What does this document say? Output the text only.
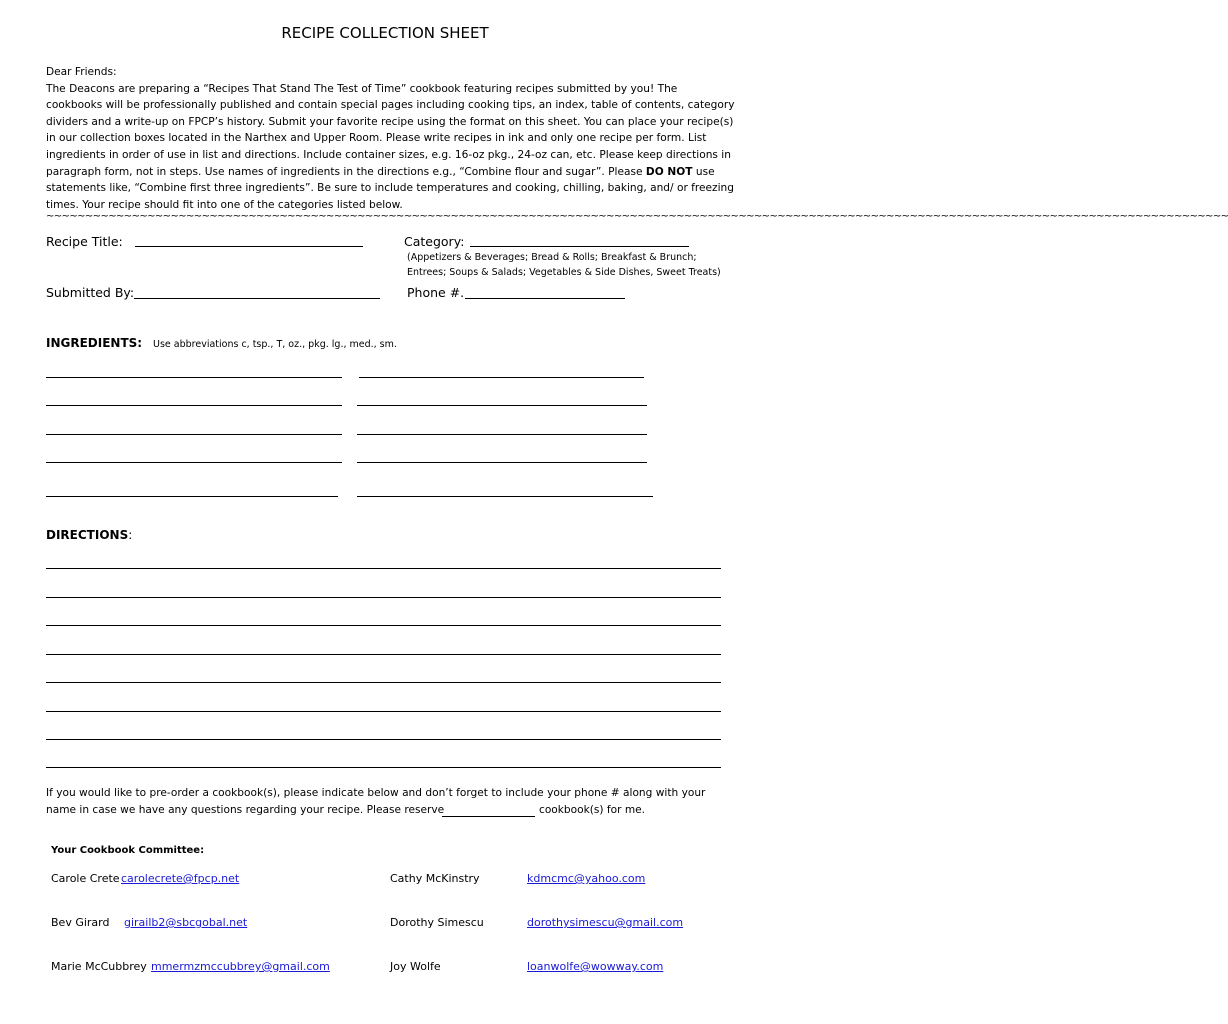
RECIPE COLLECTION SHEET

Dear Friends:

The Deacons are preparing a “Recipes That Stand The Test of Time” cookbook featuring recipes submitted by you! The cookbooks will be professionally published and contain special pages including cooking tips, an index, table of contents, category dividers and a write-up on FPCP’s history. Submit your favorite recipe using the format on this sheet. You can place your recipe(s) in our collection boxes located in the Narthex and Upper Room. Please write recipes in ink and only one recipe per form. List ingredients in order of use in list and directions. Include container sizes, e.g. 16-oz pkg., 24-oz can, etc. Please keep directions in paragraph form, not in steps. Use names of ingredients in the directions e.g., “Combine flour and sugar”. Please DO NOT use statements like, “Combine first three ingredients”. Be sure to include temperatures and cooking, chilling, baking, and/ or freezing times. Your recipe should fit into one of the categories listed below.

~~~~~~~~~~~~~~~~~~~~~~~~~~~~~~~~~~~~~~~~~~~~~~~~~~~~~~~~~~~~~~~~~~~~~~~~~~~~~~~~~~~~~~~~~~~~~~~~~~~~~~~~~~~~~~~~~~~~~~~~~~~~~~~~~~~~~~~~~~~~~~~~~~~~~~~~
Recipe Title:	Category:
(Appetizers & Beverages; Bread & Rolls; Breakfast & Brunch;
Entrees; Soups & Salads; Vegetables & Side Dishes, Sweet Treats)
Submitted By:	Phone #.
INGREDIENTS: Use abbreviations c, tsp., T, oz., pkg. lg., med., sm.
DIRECTIONS:
If you would like to pre-order a cookbook(s), please indicate below and don’t forget to include your phone # along with your
name in case we have any questions regarding your recipe. Please reserve	cookbook(s) for me.
Your Cookbook Committee:
Carole Crete carolecrete@fpcp.net	Cathy McKinstry	kdmcmc@yahoo.com
Bev Girard girailb2@sbcgobal.net	Dorothy Simescu	dorothysimescu@gmail.com
Marie McCubbrey mmermzmccubbrey@gmail.com	Joy Wolfe	loanwolfe@wowway.com
